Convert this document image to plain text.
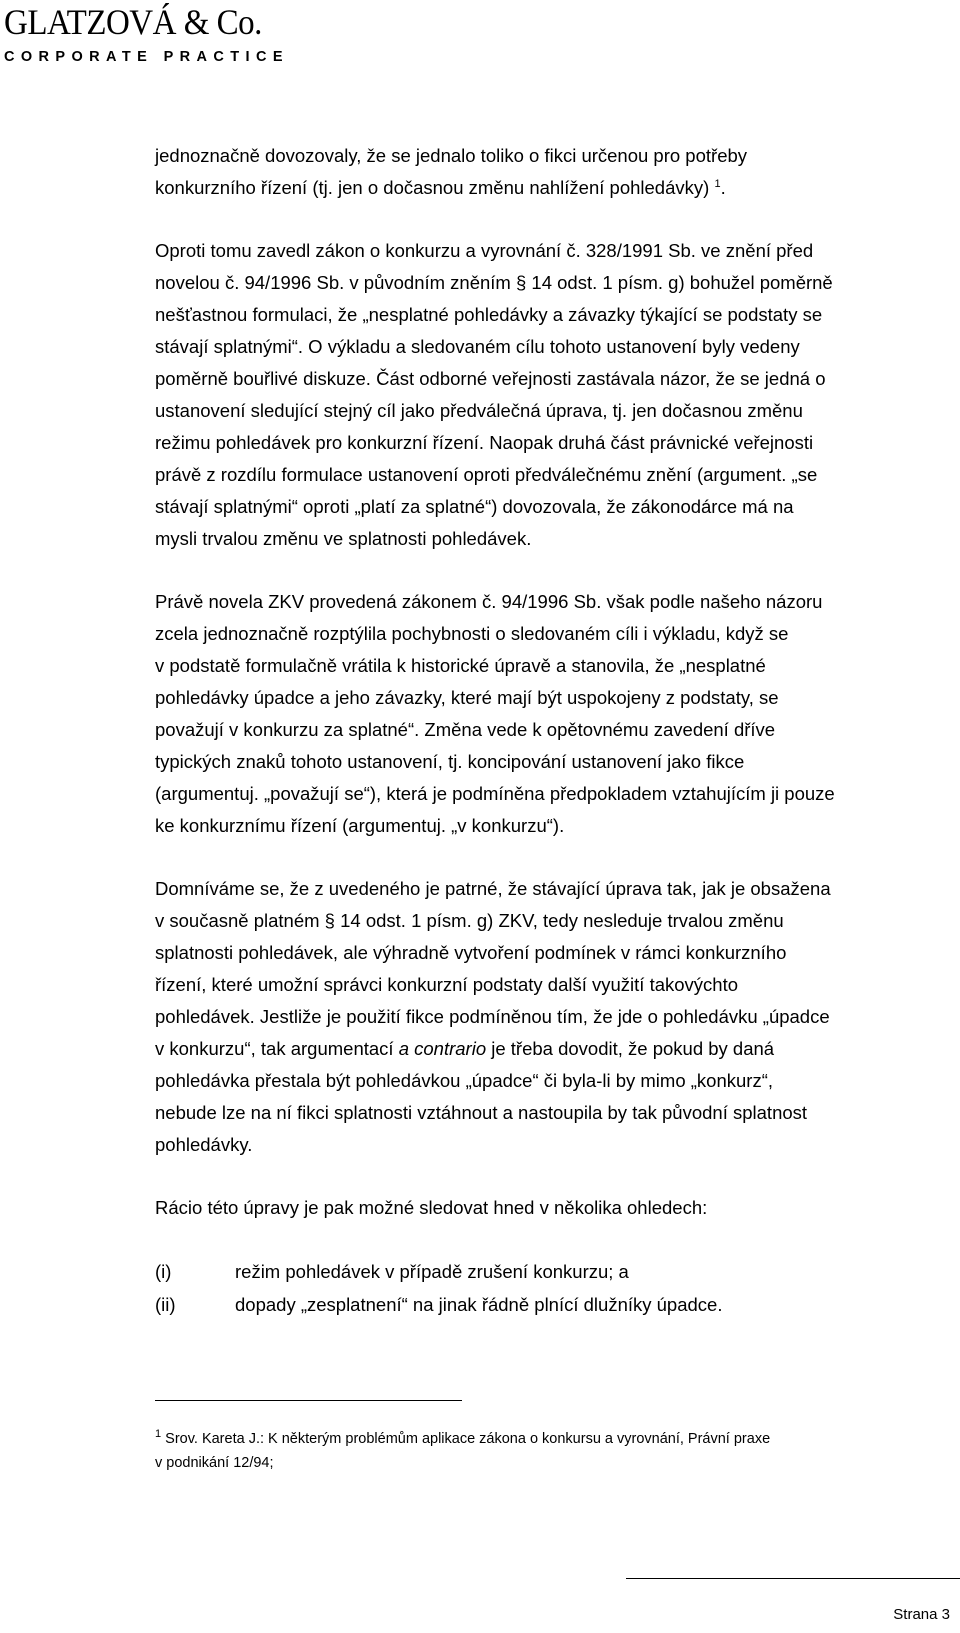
GLATZOVÁ & Co.
CORPORATE PRACTICE

jednoznačně dovozovaly, že se jednalo toliko o fikci určenou pro potřeby
konkurzního řízení (tj. jen o dočasnou změnu nahlížení pohledávky) $^1$.

Oproti tomu zavedl zákon o konkurzu a vyrovnání č. 328/1991 Sb. ve znění před
novelou č. 94/1996 Sb. v původním zněním § 14 odst. 1 písm. g) bohužel poměrně
nešťastnou formulaci, že „nesplatné pohledávky a závazky týkající se podstaty se
stávají splatnými“. O výkladu a sledovaném cílu tohoto ustanovení byly vedeny
poměrně bouřlivé diskuze. Část odborné veřejnosti zastávala názor, že se jedná o
ustanovení sledující stejný cíl jako předválečná úprava, tj. jen dočasnou změnu
režimu pohledávek pro konkurzní řízení. Naopak druhá část právnické veřejnosti
právě z rozdílu formulace ustanovení oproti předválečnému znění (argument. „se
stávají splatnými“ oproti „platí za splatné“) dovozovala, že zákonodárce má na
mysli trvalou změnu ve splatnosti pohledávek.

Právě novela ZKV provedená zákonem č. 94/1996 Sb. však podle našeho názoru
zcela jednoznačně rozptýlila pochybnosti o sledovaném cíli i výkladu, když se
v podstatě formulačně vrátila k historické úpravě a stanovila, že „nesplatné
pohledávky úpadce a jeho závazky, které mají být uspokojeny z podstaty, se
považují v konkurzu za splatné“. Změna vede k opětovnému zavedení dříve
typických znaků tohoto ustanovení, tj. koncipování ustanovení jako fikce
(argumentuj. „považují se“), která je podmíněna předpokladem vztahujícím ji pouze
ke konkurznímu řízení (argumentuj. „v konkurzu“).

Domníváme se, že z uvedeného je patrné, že stávající úprava tak, jak je obsažena
v současně platném § 14 odst. 1 písm. g) ZKV, tedy nesleduje trvalou změnu
splatnosti pohledávek, ale výhradně vytvoření podmínek v rámci konkurzního
řízení, které umožní správci konkurzní podstaty další využití takovýchto
pohledávek. Jestliže je použití fikce podmíněnou tím, že jde o pohledávku „úpadce
v konkurzu“, tak argumentací a contrario je třeba dovodit, že pokud by daná
pohledávka přestala být pohledávkou „úpadce“ či byla-li by mimo „konkurz“,
nebude lze na ní fikci splatnosti vztáhnout a nastoupila by tak původní splatnost
pohledávky.

Rácio této úpravy je pak možné sledovat hned v několika ohledech:

(i)	režim pohledávek v případě zrušení konkurzu; a
(ii)	dopady „zesplatnení“ na jinak řádně plnící dlužníky úpadce.
$^1$ Srov. Kareta J.: K některým problémům aplikace zákona o konkursu a vyrovnání, Právní praxe
v podnikání 12/94;
Strana 3
